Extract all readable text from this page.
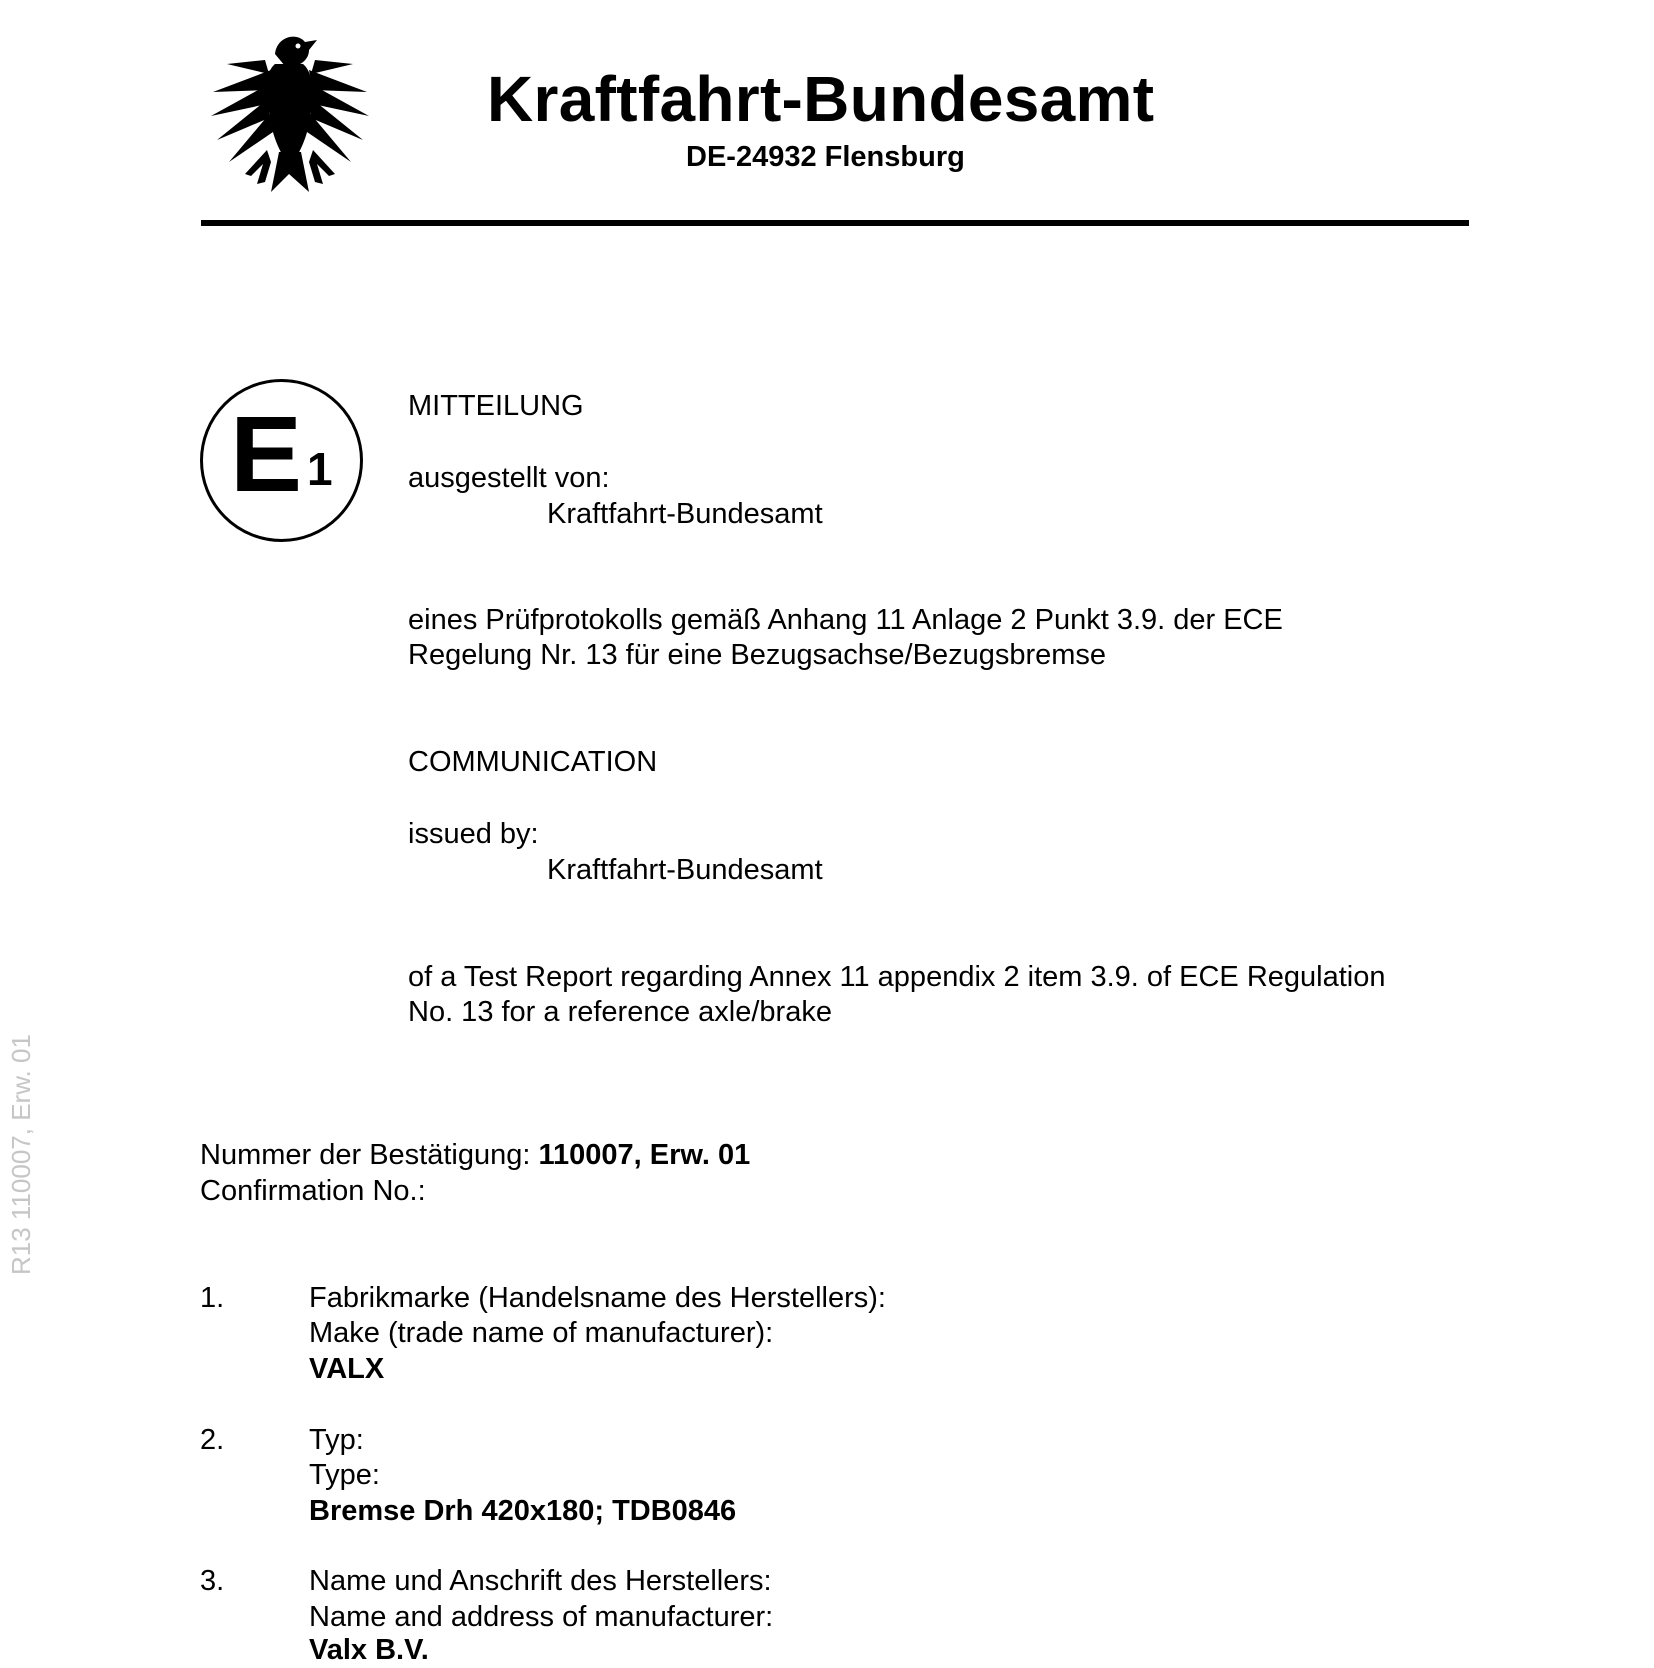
Kraftfahrt-Bundesamt
DE-24932 Flensburg
E 1
MITTEILUNG
ausgestellt von:
Kraftfahrt-Bundesamt
eines Prüfprotokolls gemäß Anhang 11 Anlage 2 Punkt 3.9. der ECE
Regelung Nr. 13 für eine Bezugsachse/Bezugsbremse
COMMUNICATION
issued by:
Kraftfahrt-Bundesamt
of a Test Report regarding Annex 11 appendix 2 item 3.9. of ECE Regulation
No. 13 for a reference axle/brake
Nummer der Bestätigung: 110007, Erw. 01
Confirmation No.:
1.	Fabrikmarke (Handelsname des Herstellers):
Make (trade name of manufacturer):
VALX
2.	Typ:
Type:
Bremse Drh 420x180; TDB0846
3.	Name und Anschrift des Herstellers:
Name and address of manufacturer:
Valx B.V.
R13 110007, Erw. 01
